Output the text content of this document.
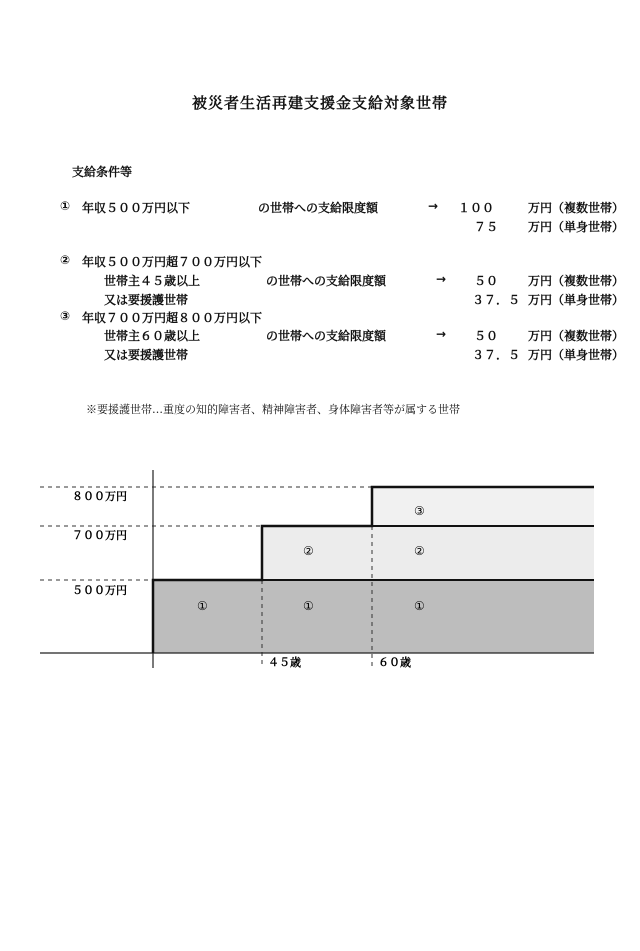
被災者生活再建支援金支給対象世帯
支給条件等
① 年収５００万円以下	の世帯への支給限度額	→ １００	万円（複数世帯）
７５ 万円（単身世帯）
② 年収５００万円超７００万円以下
世帯主４５歳以上	の世帯への支給限度額	→ ５０ 万円（複数世帯）
又は要援護世帯	３７．５ 万円（単身世帯）
③ 年収７００万円超８００万円以下
世帯主６０歳以上	の世帯への支給限度額	→ ５０ 万円（複数世帯）
又は要援護世帯	３７．５ 万円（単身世帯）
※要援護世帯…重度の知的障害者、精神障害者、身体障害者等が属する世帯
８００万円
７００万円
５００万円
４５歳	６０歳
①	①	①
②	②
③
